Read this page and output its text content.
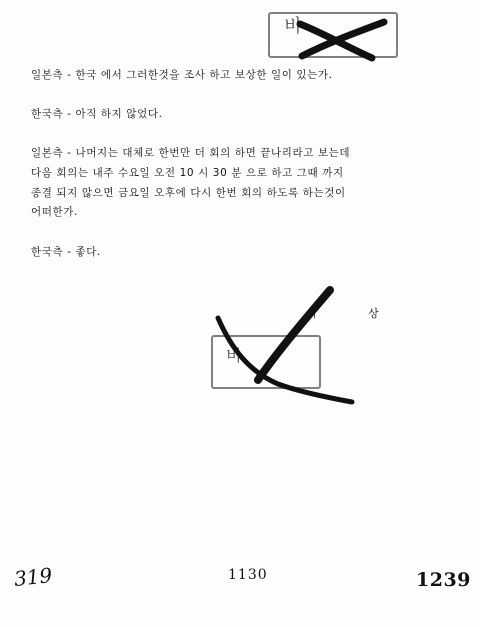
비
일본측 - 한국 에서 그러한것을 조사 하고 보상한 일이 있는가.
한국측 - 아직 하지 않었다.
일본측 - 나머지는 대체로 한번만 더 회의 하면 끝나리라고 보는데
다음 회의는 내주 수요일 오전 10 시 30 분 으로 하고 그때 까지
종결 되지 않으면 금요일 오후에 다시 한번 회의 하도록 하는것이
어떠한가.
한국측 - 좋다.
이 상
비
319	1130	1239
